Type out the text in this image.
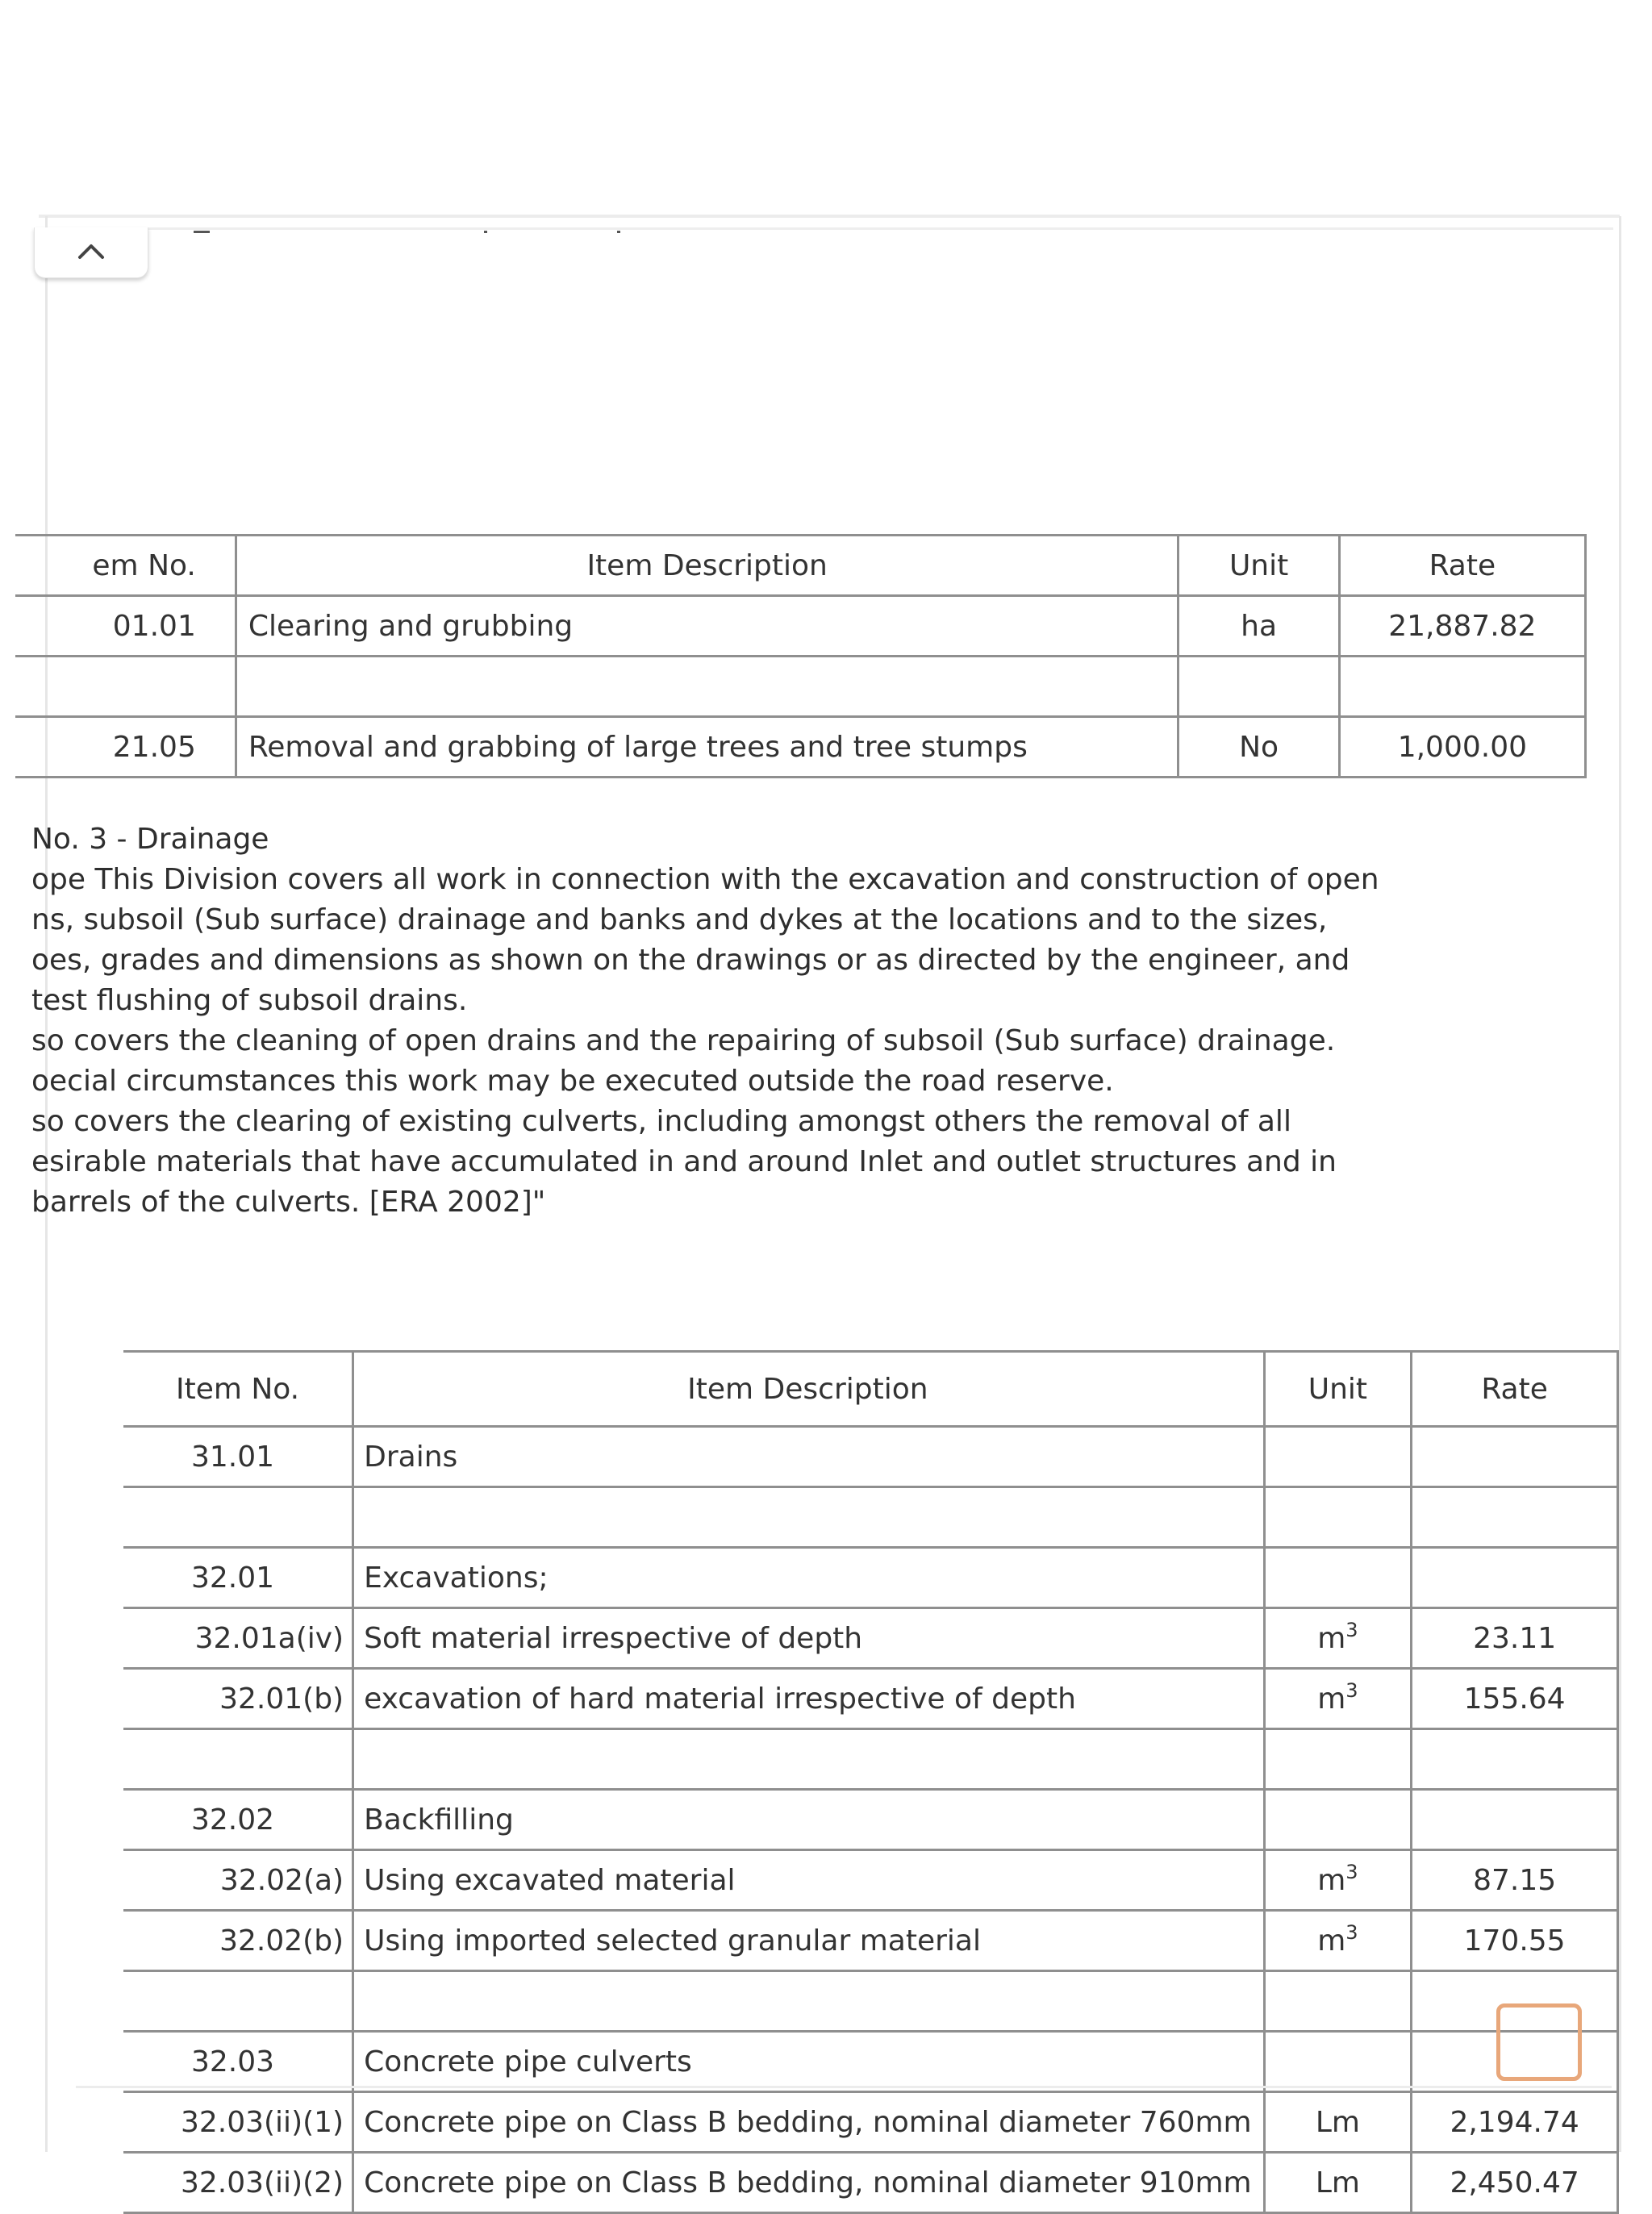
em No.	Item Description	Unit	Rate
01.01	Clearing and grubbing	ha	21,887.82

21.05	Removal and grabbing of large trees and tree stumps	No	1,000.00
No. 3 - Drainage
ope This Division covers all work in connection with the excavation and construction of open
ns, subsoil (Sub surface) drainage and banks and dykes at the locations and to the sizes,
oes, grades and dimensions as shown on the drawings or as directed by the engineer, and
test flushing of subsoil drains.
so covers the cleaning of open drains and the repairing of subsoil (Sub surface) drainage.
oecial circumstances this work may be executed outside the road reserve.
so covers the clearing of existing culverts, including amongst others the removal of all
esirable materials that have accumulated in and around Inlet and outlet structures and in
barrels of the culverts. [ERA 2002]"
Item No.	Item Description	Unit	Rate
31.01	Drains		

32.01	Excavations;		
32.01a(iv)	Soft material irrespective of depth	$m^3$	23.11
32.01(b)	excavation of hard material irrespective of depth	$m^3$	155.64

32.02	Backfilling		
32.02(a)	Using excavated material	$m^3$	87.15
32.02(b)	Using imported selected granular material	$m^3$	170.55

32.03	Concrete pipe culverts		
32.03(ii)(1)	Concrete pipe on Class B bedding, nominal diameter 760mm	Lm	2,194.74
32.03(ii)(2)	Concrete pipe on Class B bedding, nominal diameter 910mm	Lm	2,450.47
